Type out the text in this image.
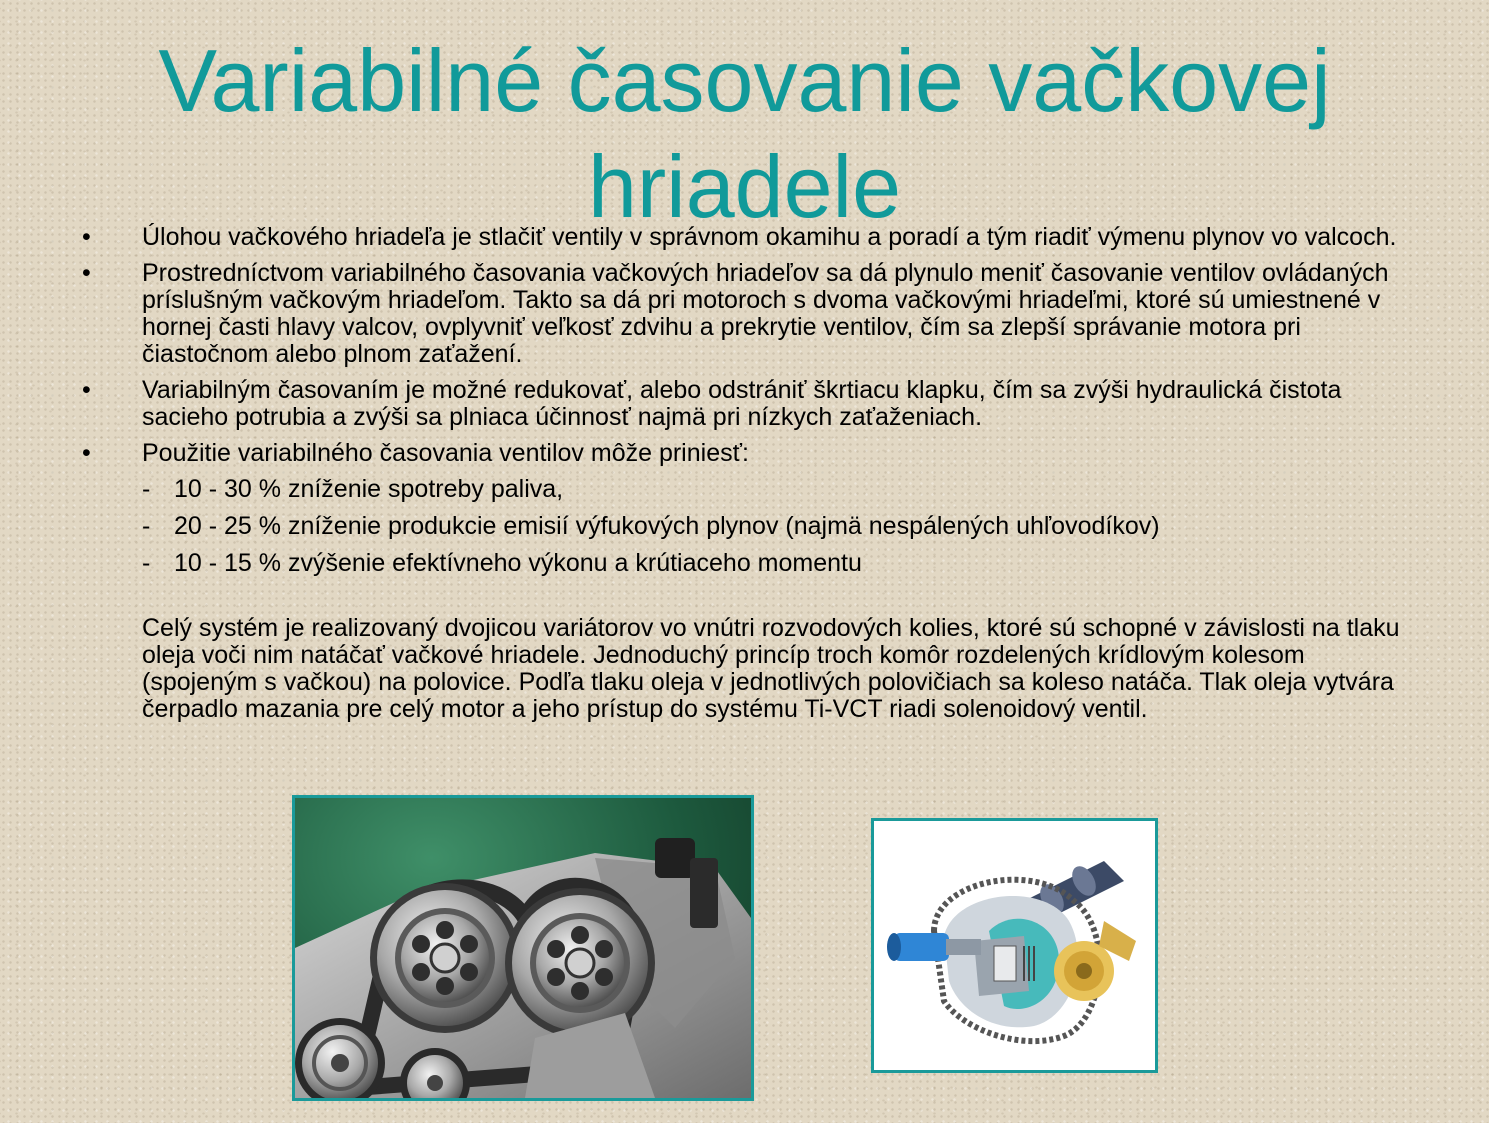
Variabilné časovanie vačkovej
hriadele
• Úlohou vačkového hriadeľa je stlačiť ventily v správnom okamihu a poradí a tým riadiť výmenu plynov vo valcoch.
• Prostredníctvom variabilného časovania vačkových hriadeľov sa dá plynulo meniť časovanie ventilov ovládaných príslušným vačkovým hriadeľom. Takto sa dá pri motoroch s dvoma vačkovými hriadeľmi, ktoré sú umiestnené v hornej časti hlavy valcov, ovplyvniť veľkosť zdvihu a prekrytie ventilov, čím sa zlepší správanie motora pri čiastočnom alebo plnom zaťažení.
• Variabilným časovaním je možné redukovať, alebo odstrániť škrtiacu klapku, čím sa zvýši hydraulická čistota sacieho potrubia a zvýši sa plniaca účinnosť najmä pri nízkych zaťaženiach.
• Použitie variabilného časovania ventilov môže priniesť:
- 10 - 30 % zníženie spotreby paliva,
- 20 - 25 % zníženie produkcie emisií výfukových plynov (najmä nespálených uhľovodíkov)
- 10 - 15 % zvýšenie efektívneho výkonu a krútiaceho momentu

Celý systém je realizovaný dvojicou variátorov vo vnútri rozvodových kolies, ktoré sú schopné v závislosti na tlaku oleja voči nim natáčať vačkové hriadele. Jednoduchý princíp troch komôr rozdelených krídlovým kolesom (spojeným s vačkou) na polovice. Podľa tlaku oleja v jednotlivých polovičiach sa koleso natáča. Tlak oleja vytvára čerpadlo mazania pre celý motor a jeho prístup do systému Ti-VCT riadi solenoidový ventil.
